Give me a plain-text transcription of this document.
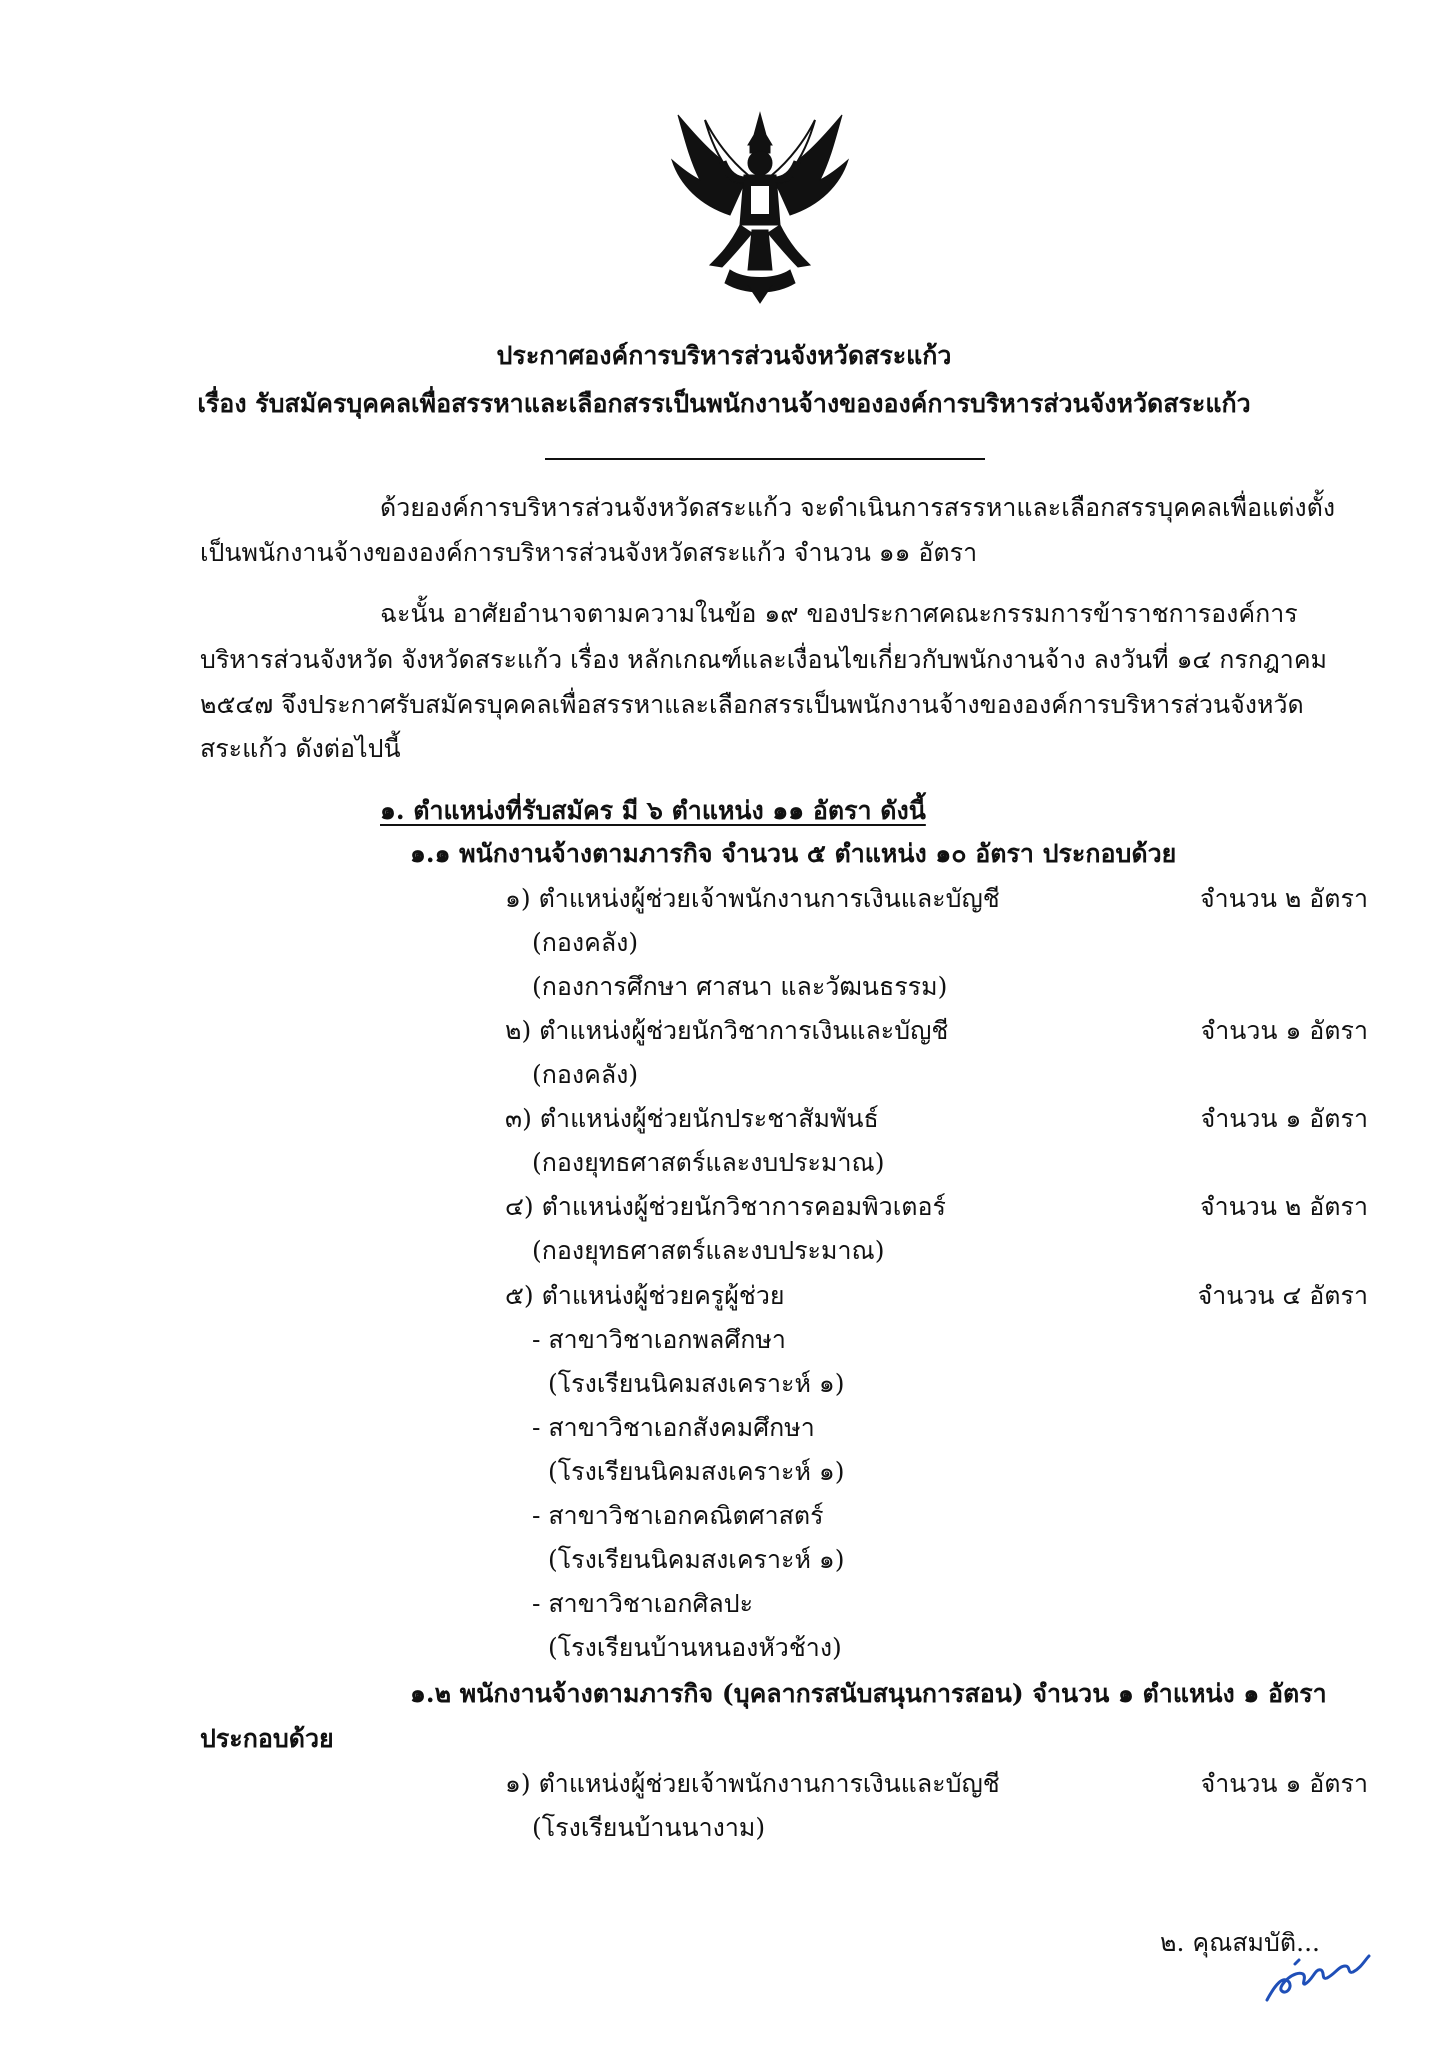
ประกาศองค์การบริหารส่วนจังหวัดสระแก้ว
เรื่อง รับสมัครบุคคลเพื่อสรรหาและเลือกสรรเป็นพนักงานจ้างขององค์การบริหารส่วนจังหวัดสระแก้ว
ด้วยองค์การบริหารส่วนจังหวัดสระแก้ว จะดำเนินการสรรหาและเลือกสรรบุคคลเพื่อแต่งตั้ง
เป็นพนักงานจ้างขององค์การบริหารส่วนจังหวัดสระแก้ว จำนวน ๑๑ อัตรา
ฉะนั้น อาศัยอำนาจตามความในข้อ ๑๙ ของประกาศคณะกรรมการข้าราชการองค์การ
บริหารส่วนจังหวัด จังหวัดสระแก้ว เรื่อง หลักเกณฑ์และเงื่อนไขเกี่ยวกับพนักงานจ้าง ลงวันที่ ๑๔ กรกฎาคม
๒๕๔๗ จึงประกาศรับสมัครบุคคลเพื่อสรรหาและเลือกสรรเป็นพนักงานจ้างขององค์การบริหารส่วนจังหวัด
สระแก้ว ดังต่อไปนี้
๑. ตำแหน่งที่รับสมัคร มี ๖ ตำแหน่ง ๑๑ อัตรา ดังนี้
๑.๑ พนักงานจ้างตามภารกิจ จำนวน ๕ ตำแหน่ง ๑๐ อัตรา ประกอบด้วย
๑) ตำแหน่งผู้ช่วยเจ้าพนักงานการเงินและบัญชี	จำนวน ๒ อัตรา
(กองคลัง)
(กองการศึกษา ศาสนา และวัฒนธรรม)
๒) ตำแหน่งผู้ช่วยนักวิชาการเงินและบัญชี	จำนวน ๑ อัตรา
(กองคลัง)
๓) ตำแหน่งผู้ช่วยนักประชาสัมพันธ์	จำนวน ๑ อัตรา
(กองยุทธศาสตร์และงบประมาณ)
๔) ตำแหน่งผู้ช่วยนักวิชาการคอมพิวเตอร์	จำนวน ๒ อัตรา
(กองยุทธศาสตร์และงบประมาณ)
๕) ตำแหน่งผู้ช่วยครูผู้ช่วย	จำนวน ๔ อัตรา
- สาขาวิชาเอกพลศึกษา
(โรงเรียนนิคมสงเคราะห์ ๑)
- สาขาวิชาเอกสังคมศึกษา
(โรงเรียนนิคมสงเคราะห์ ๑)
- สาขาวิชาเอกคณิตศาสตร์
(โรงเรียนนิคมสงเคราะห์ ๑)
- สาขาวิชาเอกศิลปะ
(โรงเรียนบ้านหนองหัวช้าง)
๑.๒ พนักงานจ้างตามภารกิจ (บุคลากรสนับสนุนการสอน) จำนวน ๑ ตำแหน่ง ๑ อัตรา
ประกอบด้วย
๑) ตำแหน่งผู้ช่วยเจ้าพนักงานการเงินและบัญชี	จำนวน ๑ อัตรา
(โรงเรียนบ้านนางาม)
๒. คุณสมบัติ...
